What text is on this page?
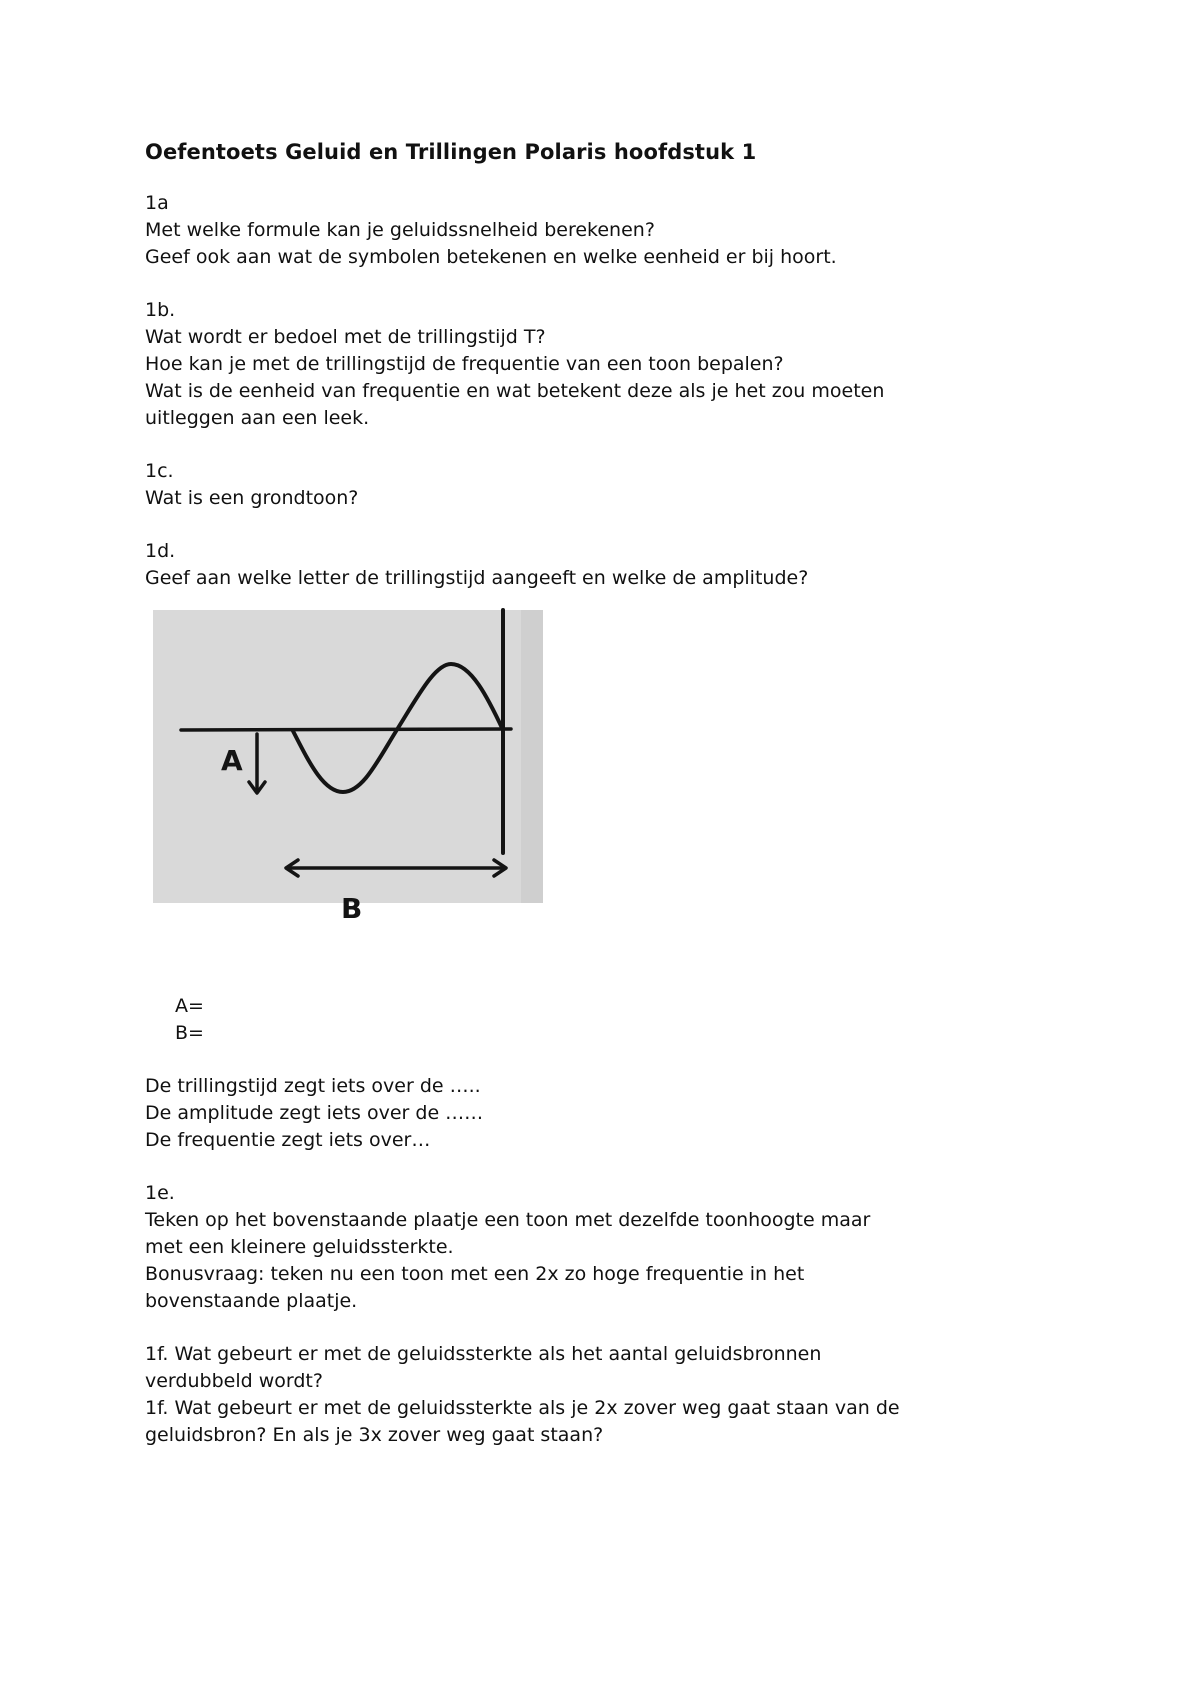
Oefentoets Geluid en Trillingen Polaris hoofdstuk 1
1a
Met welke formule kan je geluidssnelheid berekenen?
Geef ook aan wat de symbolen betekenen en welke eenheid er bij hoort.
1b.
Wat wordt er bedoel met de trillingstijd T?
Hoe kan je met de trillingstijd de frequentie van een toon bepalen?
Wat is de eenheid van frequentie en wat betekent deze als je het zou moeten
uitleggen aan een leek.
1c.
Wat is een grondtoon?
1d.
Geef aan welke letter de trillingstijd aangeeft en welke de amplitude?
A
B
A=
B=
De trillingstijd zegt iets over de …..
De amplitude zegt iets over de ……
De frequentie zegt iets over…
1e.
Teken op het bovenstaande plaatje een toon met dezelfde toonhoogte maar
met een kleinere geluidssterkte.
Bonusvraag: teken nu een toon met een 2x zo hoge frequentie in het
bovenstaande plaatje.
1f. Wat gebeurt er met de geluidssterkte als het aantal geluidsbronnen
verdubbeld wordt?
1f. Wat gebeurt er met de geluidssterkte als je 2x zover weg gaat staan van de
geluidsbron? En als je 3x zover weg gaat staan?
